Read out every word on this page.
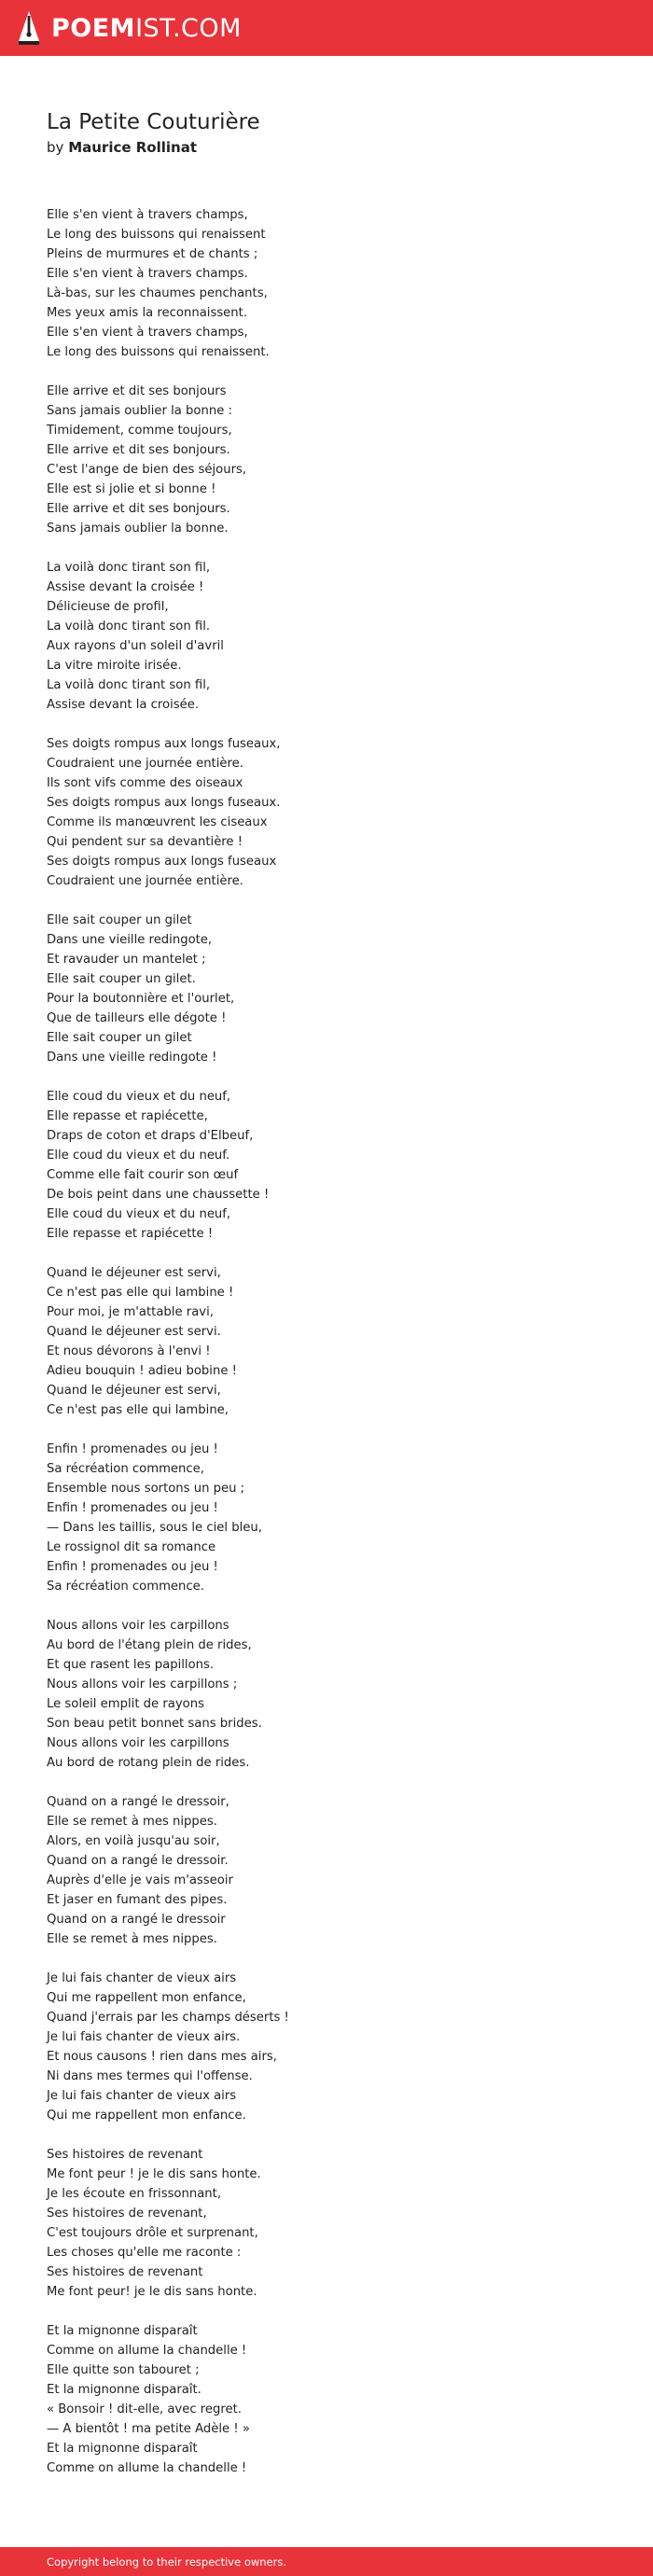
POEMIST.COM
La Petite Couturière
by Maurice Rollinat
Elle s'en vient à travers champs,
Le long des buissons qui renaissent
Pleins de murmures et de chants ;
Elle s'en vient à travers champs.
Là-bas, sur les chaumes penchants,
Mes yeux amis la reconnaissent.
Elle s'en vient à travers champs,
Le long des buissons qui renaissent.
Elle arrive et dit ses bonjours
Sans jamais oublier la bonne :
Timidement, comme toujours,
Elle arrive et dit ses bonjours.
C'est l'ange de bien des séjours,
Elle est si jolie et si bonne !
Elle arrive et dit ses bonjours.
Sans jamais oublier la bonne.
La voilà donc tirant son fil,
Assise devant la croisée !
Délicieuse de profil,
La voilà donc tirant son fil.
Aux rayons d'un soleil d'avril
La vitre miroite irisée.
La voilà donc tirant son fil,
Assise devant la croisée.
Ses doigts rompus aux longs fuseaux,
Coudraient une journée entière.
Ils sont vifs comme des oiseaux
Ses doigts rompus aux longs fuseaux.
Comme ils manœuvrent les ciseaux
Qui pendent sur sa devantière !
Ses doigts rompus aux longs fuseaux
Coudraient une journée entière.
Elle sait couper un gilet
Dans une vieille redingote,
Et ravauder un mantelet ;
Elle sait couper un gilet.
Pour la boutonnière et l'ourlet,
Que de tailleurs elle dégote !
Elle sait couper un gilet
Dans une vieille redingote !
Elle coud du vieux et du neuf,
Elle repasse et rapiécette,
Draps de coton et draps d'Elbeuf,
Elle coud du vieux et du neuf.
Comme elle fait courir son œuf
De bois peint dans une chaussette !
Elle coud du vieux et du neuf,
Elle repasse et rapiécette !
Quand le déjeuner est servi,
Ce n'est pas elle qui lambine !
Pour moi, je m'attable ravi,
Quand le déjeuner est servi.
Et nous dévorons à l'envi !
Adieu bouquin ! adieu bobine !
Quand le déjeuner est servi,
Ce n'est pas elle qui lambine,
Enfin ! promenades ou jeu !
Sa récréation commence,
Ensemble nous sortons un peu ;
Enfin ! promenades ou jeu !
— Dans les taillis, sous le ciel bleu,
Le rossignol dit sa romance
Enfin ! promenades ou jeu !
Sa récréation commence.
Nous allons voir les carpillons
Au bord de l'étang plein de rides,
Et que rasent les papillons.
Nous allons voir les carpillons ;
Le soleil emplit de rayons
Son beau petit bonnet sans brides.
Nous allons voir les carpillons
Au bord de rotang plein de rides.
Quand on a rangé le dressoir,
Elle se remet à mes nippes.
Alors, en voilà jusqu'au soir,
Quand on a rangé le dressoir.
Auprès d'elle je vais m'asseoir
Et jaser en fumant des pipes.
Quand on a rangé le dressoir
Elle se remet à mes nippes.
Je lui fais chanter de vieux airs
Qui me rappellent mon enfance,
Quand j'errais par les champs déserts !
Je lui fais chanter de vieux airs.
Et nous causons ! rien dans mes airs,
Ni dans mes termes qui l'offense.
Je lui fais chanter de vieux airs
Qui me rappellent mon enfance.
Ses histoires de revenant
Me font peur ! je le dis sans honte.
Je les écoute en frissonnant,
Ses histoires de revenant,
C'est toujours drôle et surprenant,
Les choses qu'elle me raconte :
Ses histoires de revenant
Me font peur! je le dis sans honte.
Et la mignonne disparaît
Comme on allume la chandelle !
Elle quitte son tabouret ;
Et la mignonne disparaît.
« Bonsoir ! dit-elle, avec regret.
— A bientôt ! ma petite Adèle ! »
Et la mignonne disparaît
Comme on allume la chandelle !
Copyright belong to their respective owners.
